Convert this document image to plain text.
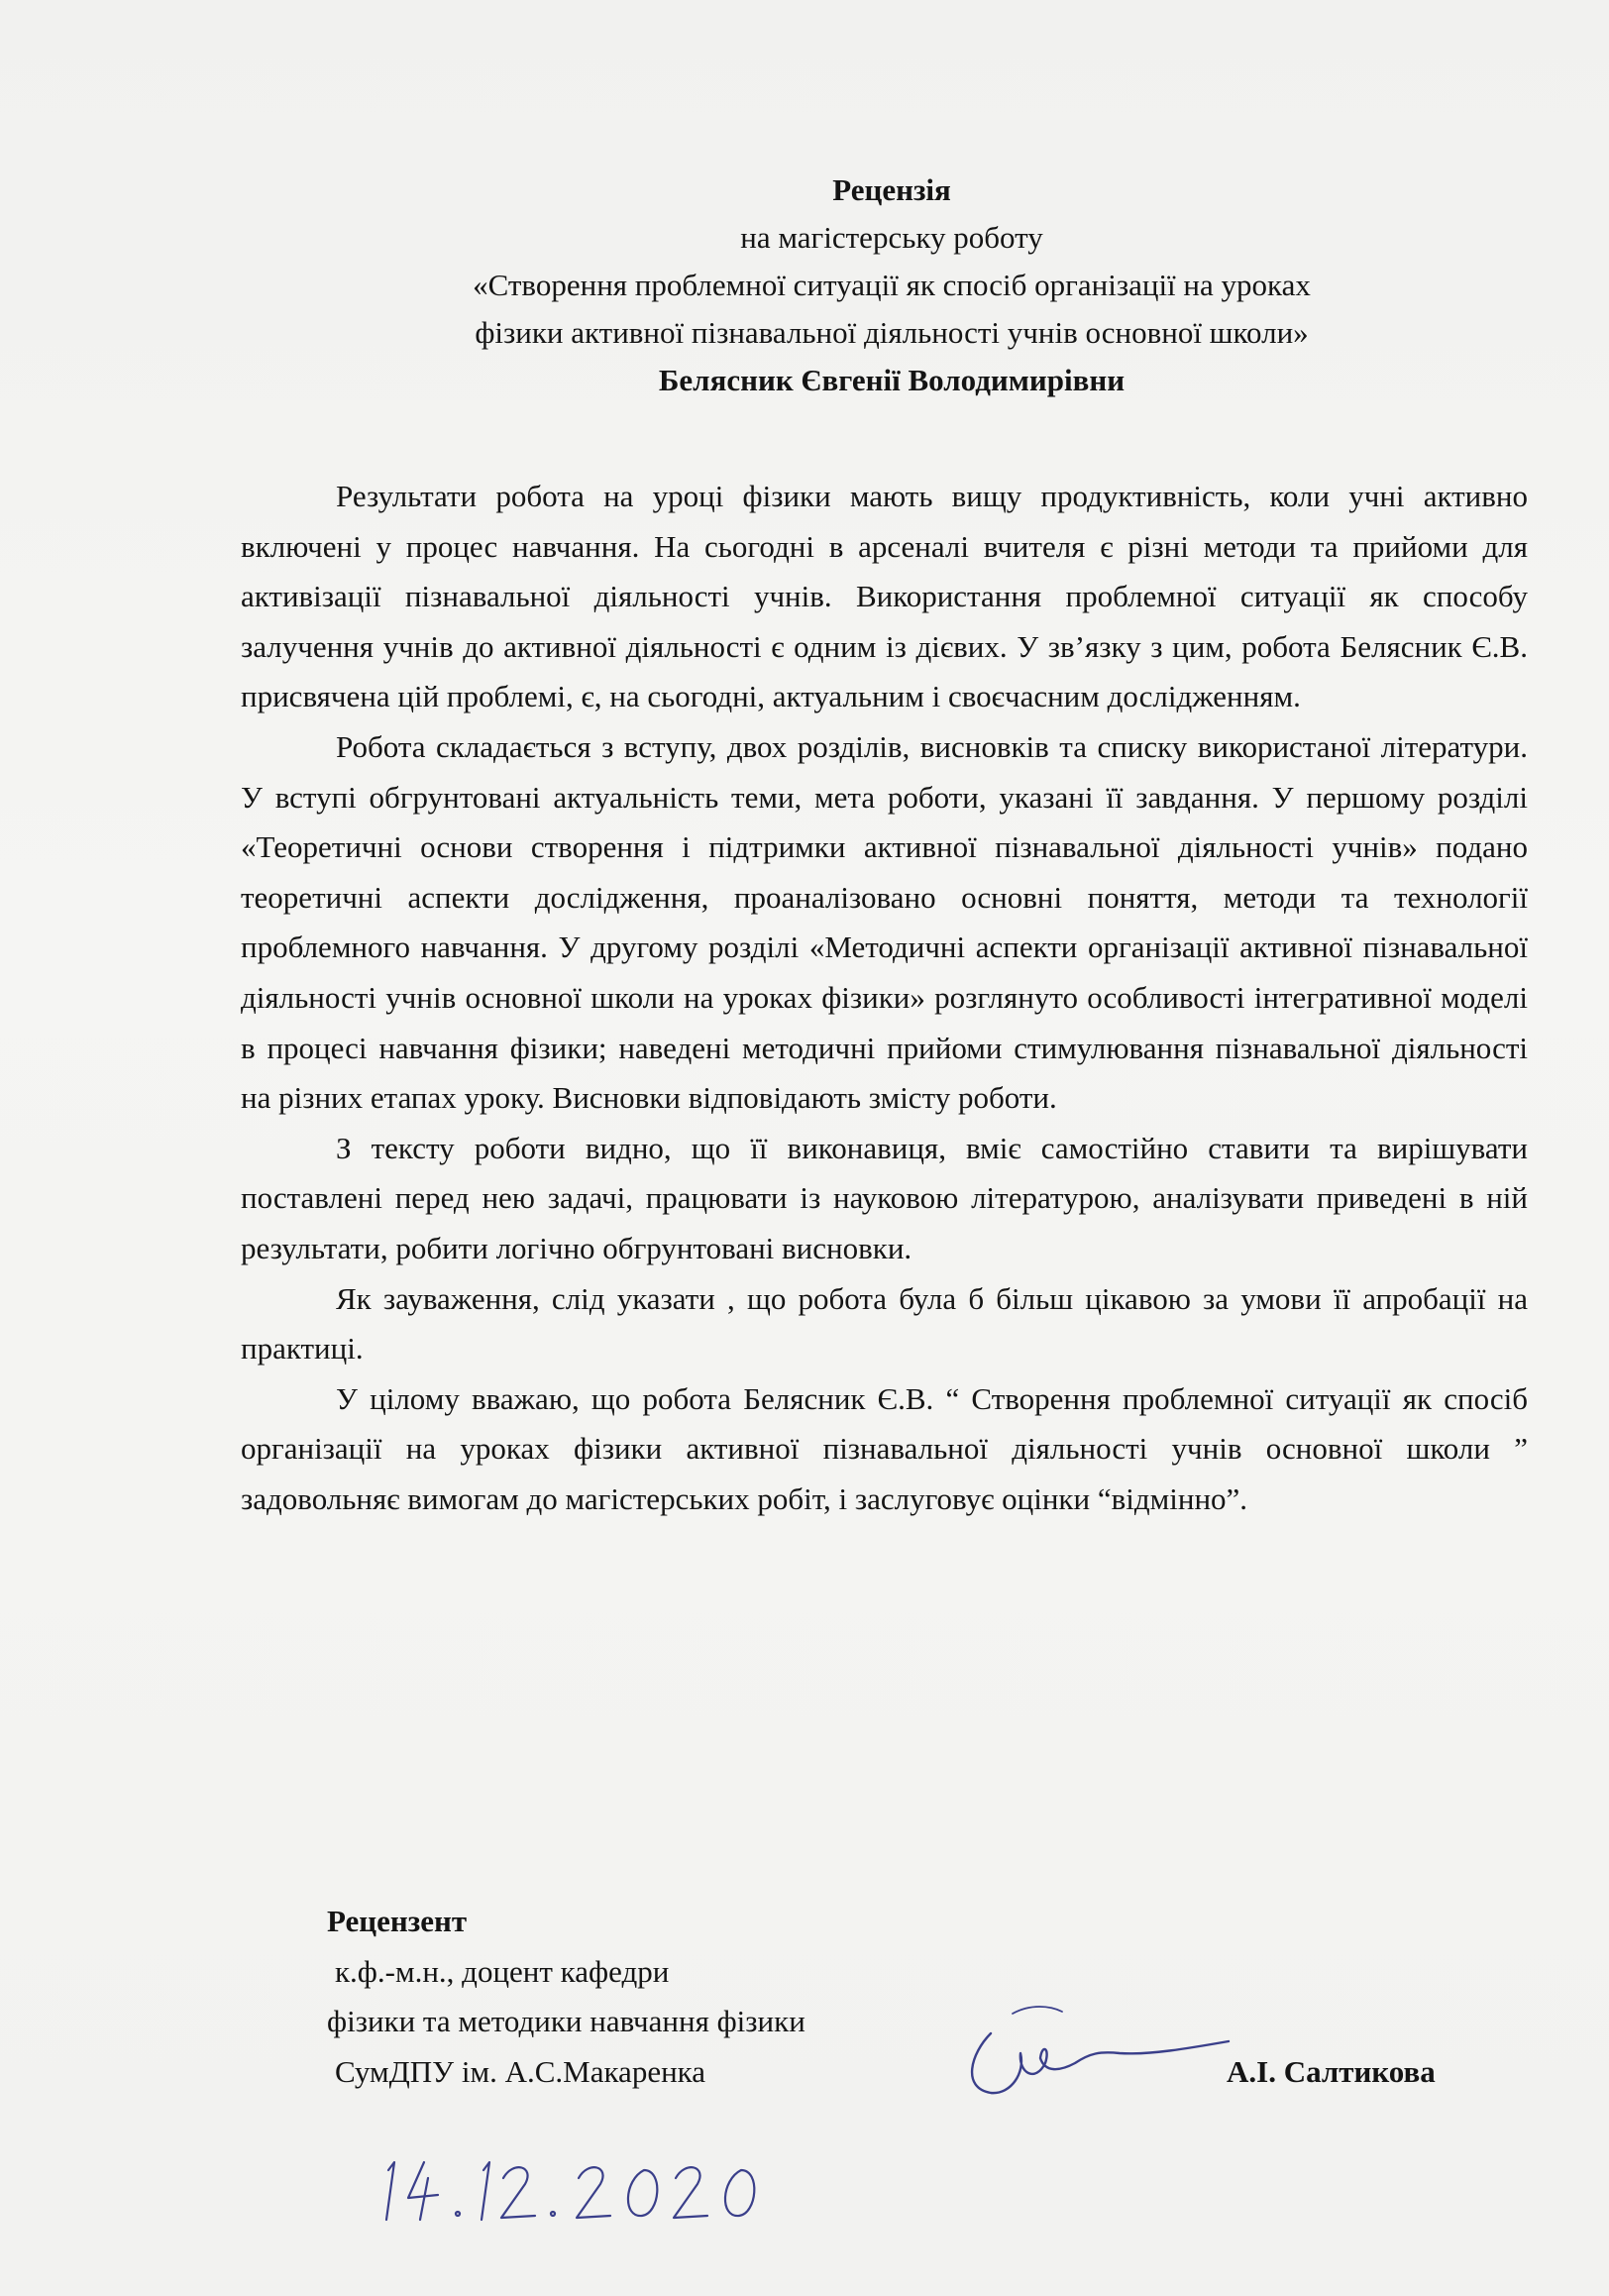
Рецензія
на магістерську роботу
«Створення проблемної ситуації як спосіб організації на уроках
фізики активної пізнавальної діяльності учнів основної школи»
Белясник Євгенії Володимирівни

Результати робота на уроці фізики мають вищу продуктивність, коли учні активно включені у процес навчання. На сьогодні в арсеналі вчителя є різні методи та прийоми для активізації пізнавальної діяльності учнів. Використання проблемної ситуації як способу залучення учнів до активної діяльності є одним із дієвих. У зв’язку з цим, робота Белясник Є.В. присвячена цій проблемі, є, на сьогодні, актуальним і своєчасним дослідженням.

Робота складається з вступу, двох розділів, висновків та списку використаної літератури. У вступі обгрунтовані актуальність теми, мета роботи, указані її завдання. У першому розділі «Теоретичні основи створення і підтримки активної пізнавальної діяльності учнів» подано теоретичні аспекти дослідження, проаналізовано основні поняття, методи та технології проблемного навчання. У другому розділі «Методичні аспекти організації активної пізнавальної діяльності учнів основної школи на уроках фізики» розглянуто особливості інтегративної моделі в процесі навчання фізики; наведені методичні прийоми стимулювання пізнавальної діяльності на різних етапах уроку. Висновки відповідають змісту роботи.

З тексту роботи видно, що її виконавиця, вміє самостійно ставити та вирішувати поставлені перед нею задачі, працювати із науковою літературою, аналізувати приведені в ній результати, робити логічно обгрунтовані висновки.

Як зауваження, слід указати , що робота була б більш цікавою за умови її апробації на практиці.

У цілому вважаю, що робота Белясник Є.В. “ Створення проблемної ситуації як спосіб організації на уроках фізики активної пізнавальної діяльності учнів основної школи ” задовольняє вимогам до магістерських робіт, і заслуговує оцінки “відмінно”.

Рецензент
к.ф.-м.н., доцент кафедри
фізики та методики навчання фізики
СумДПУ ім. А.С.Макаренка	А.І. Салтикова
